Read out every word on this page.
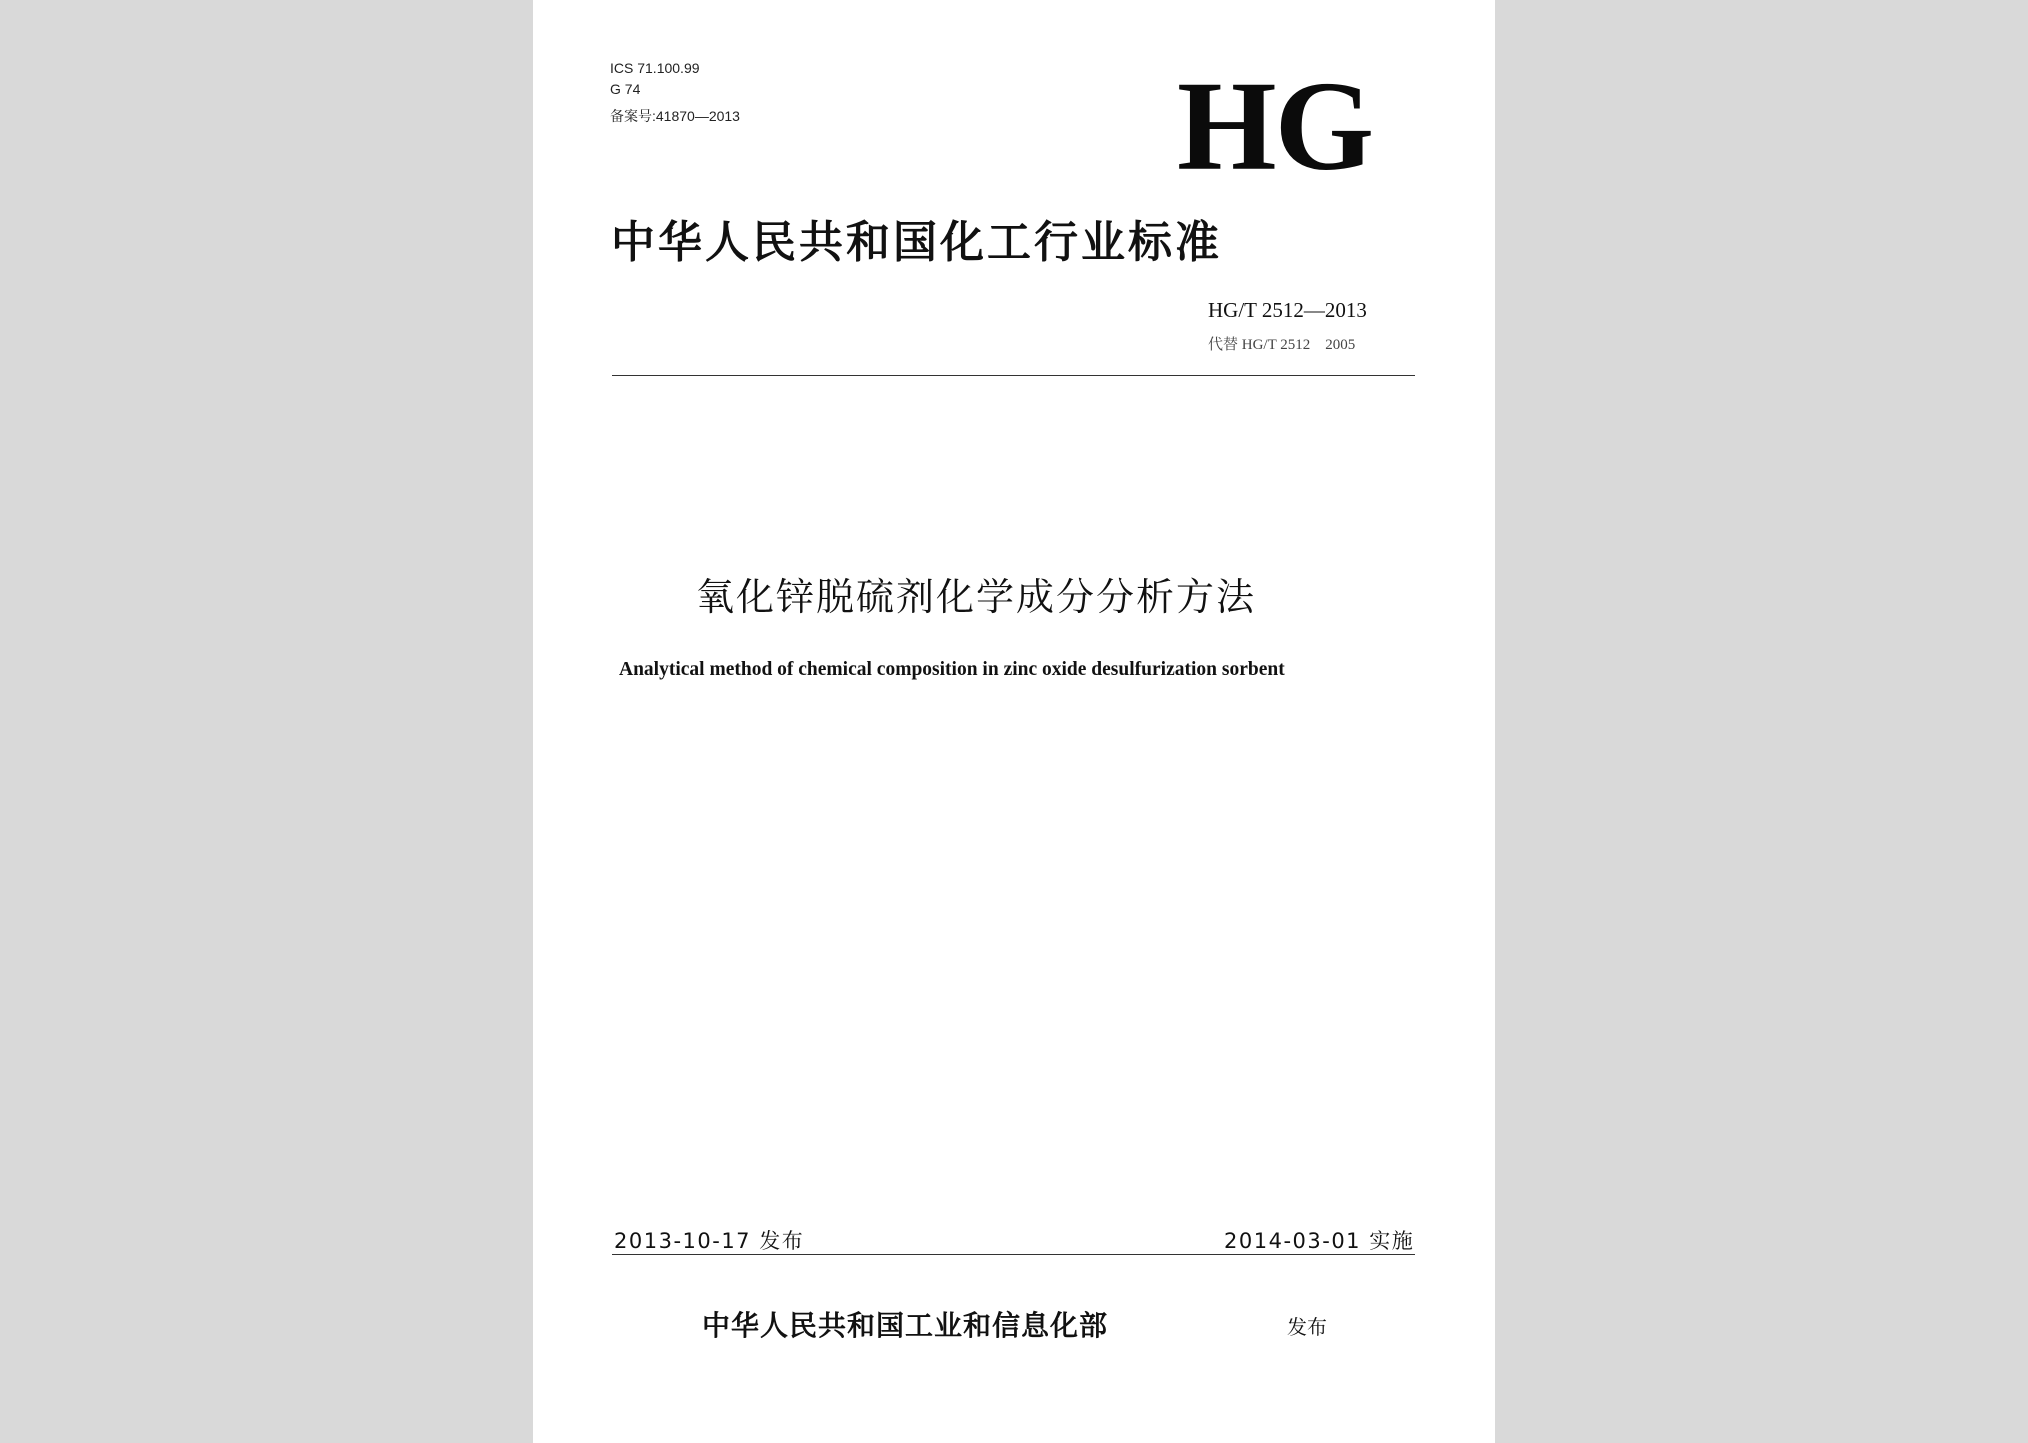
ICS 71.100.99
G 74
备案号:41870—2013	HG
中华人民共和国化工行业标准
HG/T 2512—2013
代替 HG/T 2512　2005
氧化锌脱硫剂化学成分分析方法
Analytical method of chemical composition in zinc oxide desulfurization sorbent
2013-10-17 发布	2014-03-01 实施
中华人民共和国工业和信息化部	发布
